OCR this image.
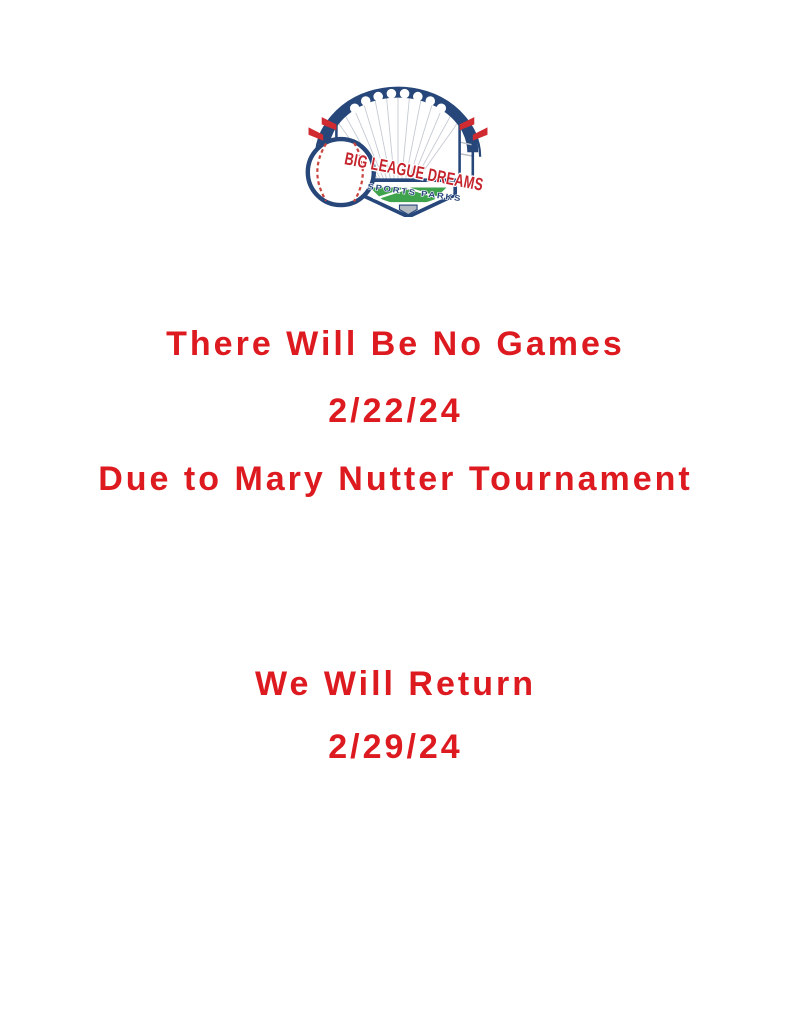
BIG LEAGUE DREAMS
SPORTS PARKS
There Will Be No Games
2/22/24
Due to Mary Nutter Tournament
We Will Return
2/29/24
